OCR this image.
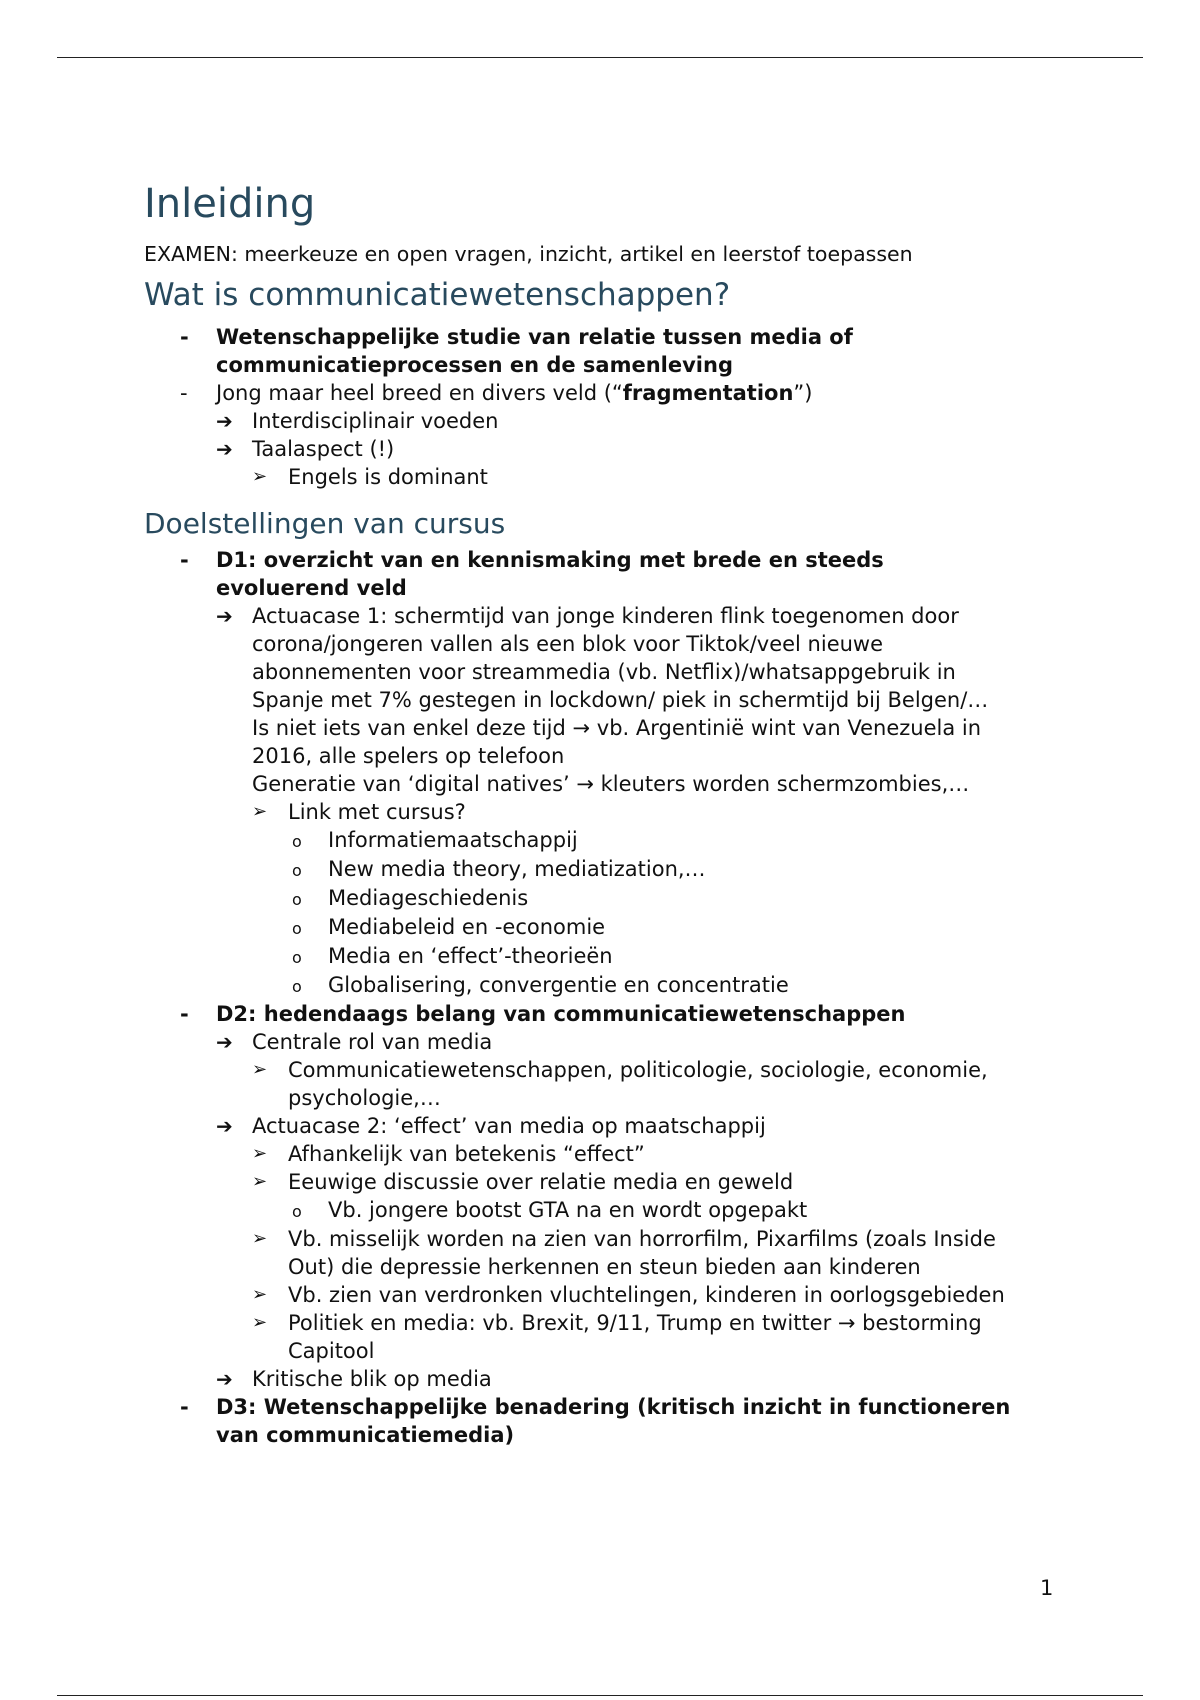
Inleiding

EXAMEN: meerkeuze en open vragen, inzicht, artikel en leerstof toepassen

Wat is communicatiewetenschappen?
- Wetenschappelijke studie van relatie tussen media of
communicatieprocessen en de samenleving
- Jong maar heel breed en divers veld (“fragmentation”)
➔ Interdisciplinair voeden
➔ Taalaspect (!)
➢ Engels is dominant
Doelstellingen van cursus
- D1: overzicht van en kennismaking met brede en steeds
evoluerend veld
➔ Actuacase 1: schermtijd van jonge kinderen flink toegenomen door
corona/jongeren vallen als een blok voor Tiktok/veel nieuwe
abonnementen voor streammedia (vb. Netflix)/whatsappgebruik in
Spanje met 7% gestegen in lockdown/ piek in schermtijd bij Belgen/…
Is niet iets van enkel deze tijd → vb. Argentinië wint van Venezuela in
2016, alle spelers op telefoon
Generatie van ‘digital natives’ → kleuters worden schermzombies,…
➢ Link met cursus?
o Informatiemaatschappij
o New media theory, mediatization,…
o Mediageschiedenis
o Mediabeleid en -economie
o Media en ‘effect’-theorieën
o Globalisering, convergentie en concentratie
- D2: hedendaags belang van communicatiewetenschappen
➔ Centrale rol van media
➢ Communicatiewetenschappen, politicologie, sociologie, economie,
psychologie,…
➔ Actuacase 2: ‘effect’ van media op maatschappij
➢ Afhankelijk van betekenis “effect”
➢ Eeuwige discussie over relatie media en geweld
o Vb. jongere bootst GTA na en wordt opgepakt
➢ Vb. misselijk worden na zien van horrorfilm, Pixarfilms (zoals Inside
Out) die depressie herkennen en steun bieden aan kinderen
➢ Vb. zien van verdronken vluchtelingen, kinderen in oorlogsgebieden
➢ Politiek en media: vb. Brexit, 9/11, Trump en twitter → bestorming
Capitool
➔ Kritische blik op media
- D3: Wetenschappelijke benadering (kritisch inzicht in functioneren
van communicatiemedia)
1
